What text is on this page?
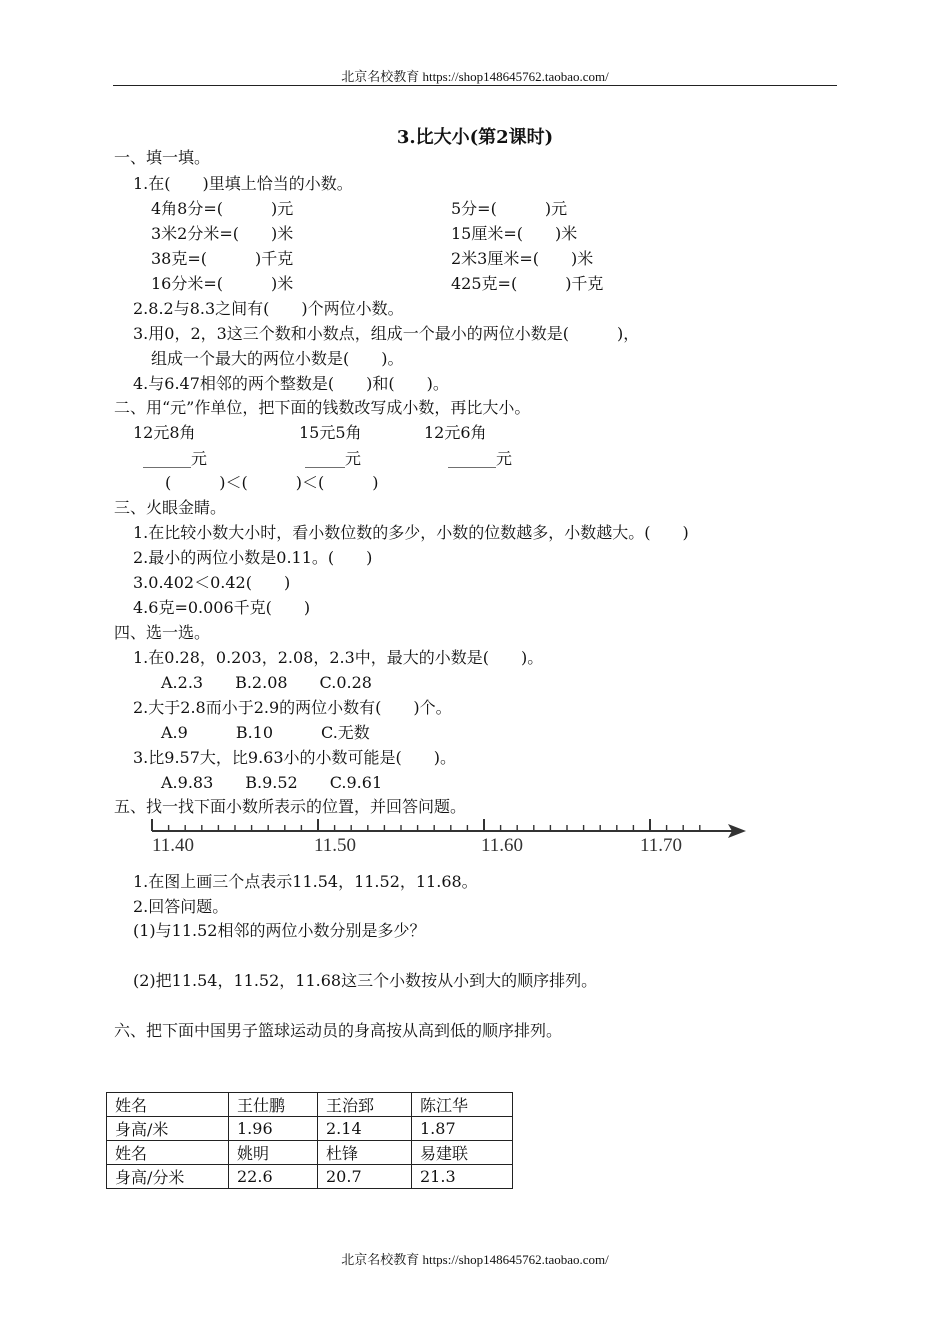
北京名校教育 https://shop148645762.taobao.com/
3.比大小(第2课时)
一、填一填。
1.在(　　)里填上恰当的小数。
4角8分=(　　　)元	5分=(　　　)元
3米2分米=(　　)米	15厘米=(　　)米
38克=(　　　)千克	2米3厘米=(　　)米
16分米=(　　　)米	425克=(　　　)千克
2.8.2与8.3之间有(　　)个两位小数。
3.用0，2，3这三个数和小数点，组成一个最小的两位小数是(　　　)，
组成一个最大的两位小数是(　　)。
4.与6.47相邻的两个整数是(　　)和(　　)。
二、用“元”作单位，把下面的钱数改写成小数，再比大小。
12元8角	15元5角	12元6角
______元	_____元	______元
(　　　)＜(　　　)＜(　　　)
三、火眼金睛。
1.在比较小数大小时，看小数位数的多少，小数的位数越多，小数越大。(　　)
2.最小的两位小数是0.11。(　　)
3.0.402＜0.42(　　)
4.6克=0.006千克(　　)
四、选一选。
1.在0.28，0.203，2.08，2.3中，最大的小数是(　　)。
A.2.3　　B.2.08　　C.0.28
2.大于2.8而小于2.9的两位小数有(　　)个。
A.9　　　B.10　　　C.无数
3.比9.57大，比9.63小的小数可能是(　　)。
A.9.83　　B.9.52　　C.9.61
五、找一找下面小数所表示的位置，并回答问题。
11.40	11.50	11.60	11.70
1.在图上画三个点表示11.54，11.52，11.68。
2.回答问题。
(1)与11.52相邻的两位小数分别是多少？
(2)把11.54，11.52，11.68这三个小数按从小到大的顺序排列。
六、把下面中国男子篮球运动员的身高按从高到低的顺序排列。
姓名	王仕鹏	王治郅	陈江华
身高/米	1.96	2.14	1.87
姓名	姚明	杜锋	易建联
身高/分米	22.6	20.7	21.3
北京名校教育 https://shop148645762.taobao.com/
